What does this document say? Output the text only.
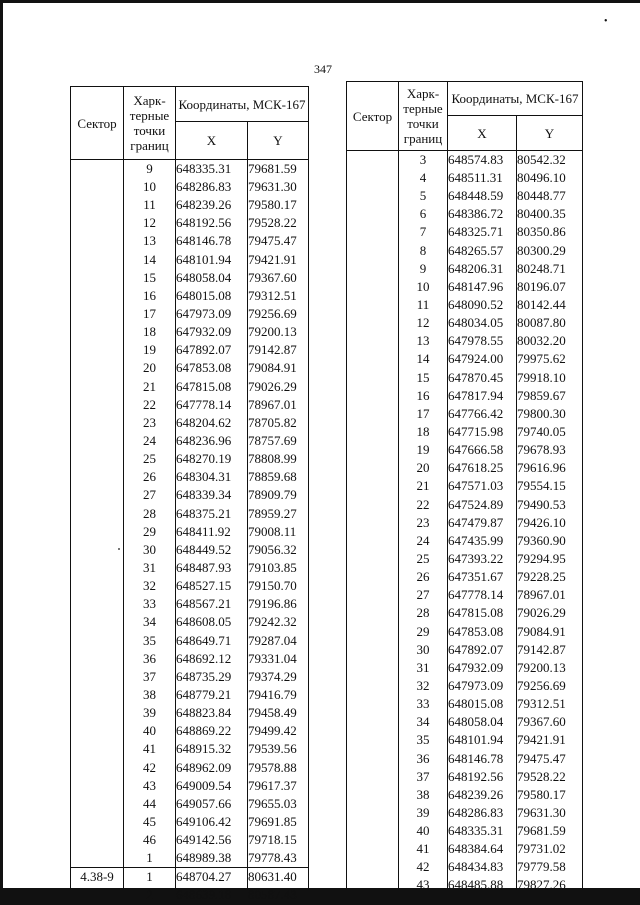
•
347
Сектор	Харк-терные точки границ	Координаты, МСК-167	
		X	Y
	9	648335.31	79681.59
	10	648286.83	79631.30
	11	648239.26	79580.17
	12	648192.56	79528.22
	13	648146.78	79475.47
	14	648101.94	79421.91
	15	648058.04	79367.60
	16	648015.08	79312.51
	17	647973.09	79256.69
	18	647932.09	79200.13
	19	647892.07	79142.87
	20	647853.08	79084.91
	21	647815.08	79026.29
	22	647778.14	78967.01
	23	648204.62	78705.82
	24	648236.96	78757.69
	25	648270.19	78808.99
	26	648304.31	78859.68
	27	648339.34	78909.79
	28	648375.21	78959.27
	29	648411.92	79008.11
	30	648449.52	79056.32
	31	648487.93	79103.85
	32	648527.15	79150.70
	33	648567.21	79196.86
	34	648608.05	79242.32
	35	648649.71	79287.04
	36	648692.12	79331.04
	37	648735.29	79374.29
	38	648779.21	79416.79
	39	648823.84	79458.49
	40	648869.22	79499.42
	41	648915.32	79539.56
	42	648962.09	79578.88
	43	649009.54	79617.37
	44	649057.66	79655.03
	45	649106.42	79691.85
	46	649142.56	79718.15
	1	648989.38	79778.43
4.38-9	1	648704.27	80631.40
	2	648639.18	80587.43
Сектор	Харк-терные точки границ	Координаты, МСК-167	
		X	Y
	3	648574.83	80542.32
	4	648511.31	80496.10
	5	648448.59	80448.77
	6	648386.72	80400.35
	7	648325.71	80350.86
	8	648265.57	80300.29
	9	648206.31	80248.71
	10	648147.96	80196.07
	11	648090.52	80142.44
	12	648034.05	80087.80
	13	647978.55	80032.20
	14	647924.00	79975.62
	15	647870.45	79918.10
	16	647817.94	79859.67
	17	647766.42	79800.30
	18	647715.98	79740.05
	19	647666.58	79678.93
	20	647618.25	79616.96
	21	647571.03	79554.15
	22	647524.89	79490.53
	23	647479.87	79426.10
	24	647435.99	79360.90
	25	647393.22	79294.95
	26	647351.67	79228.25
	27	647778.14	78967.01
	28	647815.08	79026.29
	29	647853.08	79084.91
	30	647892.07	79142.87
	31	647932.09	79200.13
	32	647973.09	79256.69
	33	648015.08	79312.51
	34	648058.04	79367.60
	35	648101.94	79421.91
	36	648146.78	79475.47
	37	648192.56	79528.22
	38	648239.26	79580.17
	39	648286.83	79631.30
	40	648335.31	79681.59
	41	648384.64	79731.02
	42	648434.83	79779.58
	43	648485.88	79827.26
